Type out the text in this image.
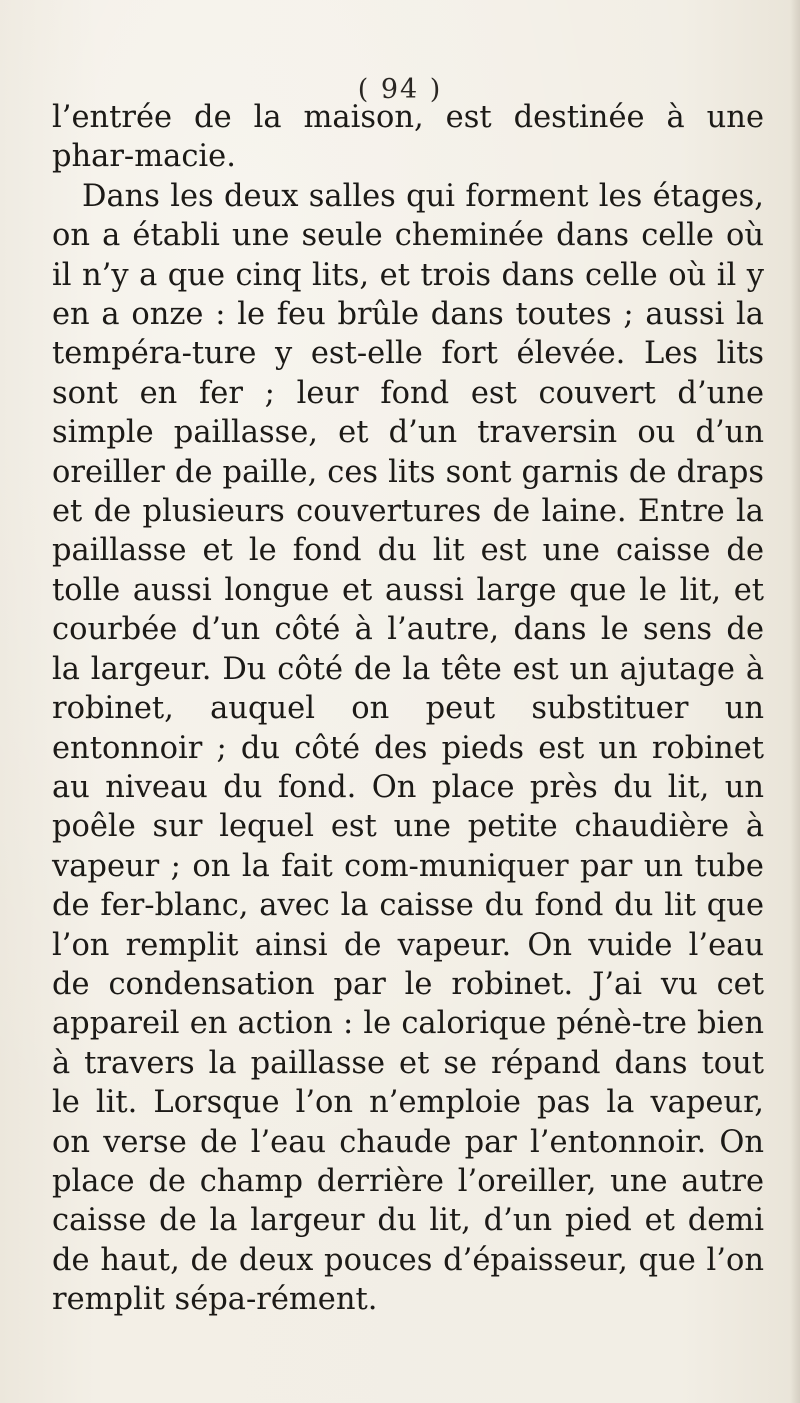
( 94 )

l’entrée de la maison, est destinée à une phar-macie.

Dans les deux salles qui forment les étages, on a établi une seule cheminée dans celle où il n’y a que cinq lits, et trois dans celle où il y en a onze : le feu brûle dans toutes ; aussi la tempéra-ture y est-elle fort élevée. Les lits sont en fer ; leur fond est couvert d’une simple paillasse, et d’un traversin ou d’un oreiller de paille, ces lits sont garnis de draps et de plusieurs couvertures de laine. Entre la paillasse et le fond du lit est une caisse de tolle aussi longue et aussi large que le lit, et courbée d’un côté à l’autre, dans le sens de la largeur. Du côté de la tête est un ajutage à robinet, auquel on peut substituer un entonnoir ; du côté des pieds est un robinet au niveau du fond. On place près du lit, un poêle sur lequel est une petite chaudière à vapeur ; on la fait com-muniquer par un tube de fer-blanc, avec la caisse du fond du lit que l’on remplit ainsi de vapeur. On vuide l’eau de condensation par le robinet. J’ai vu cet appareil en action : le calorique pénè-tre bien à travers la paillasse et se répand dans tout le lit. Lorsque l’on n’emploie pas la vapeur, on verse de l’eau chaude par l’entonnoir. On place de champ derrière l’oreiller, une autre caisse de la largeur du lit, d’un pied et demi de haut, de deux pouces d’épaisseur, que l’on remplit sépa-rément.
